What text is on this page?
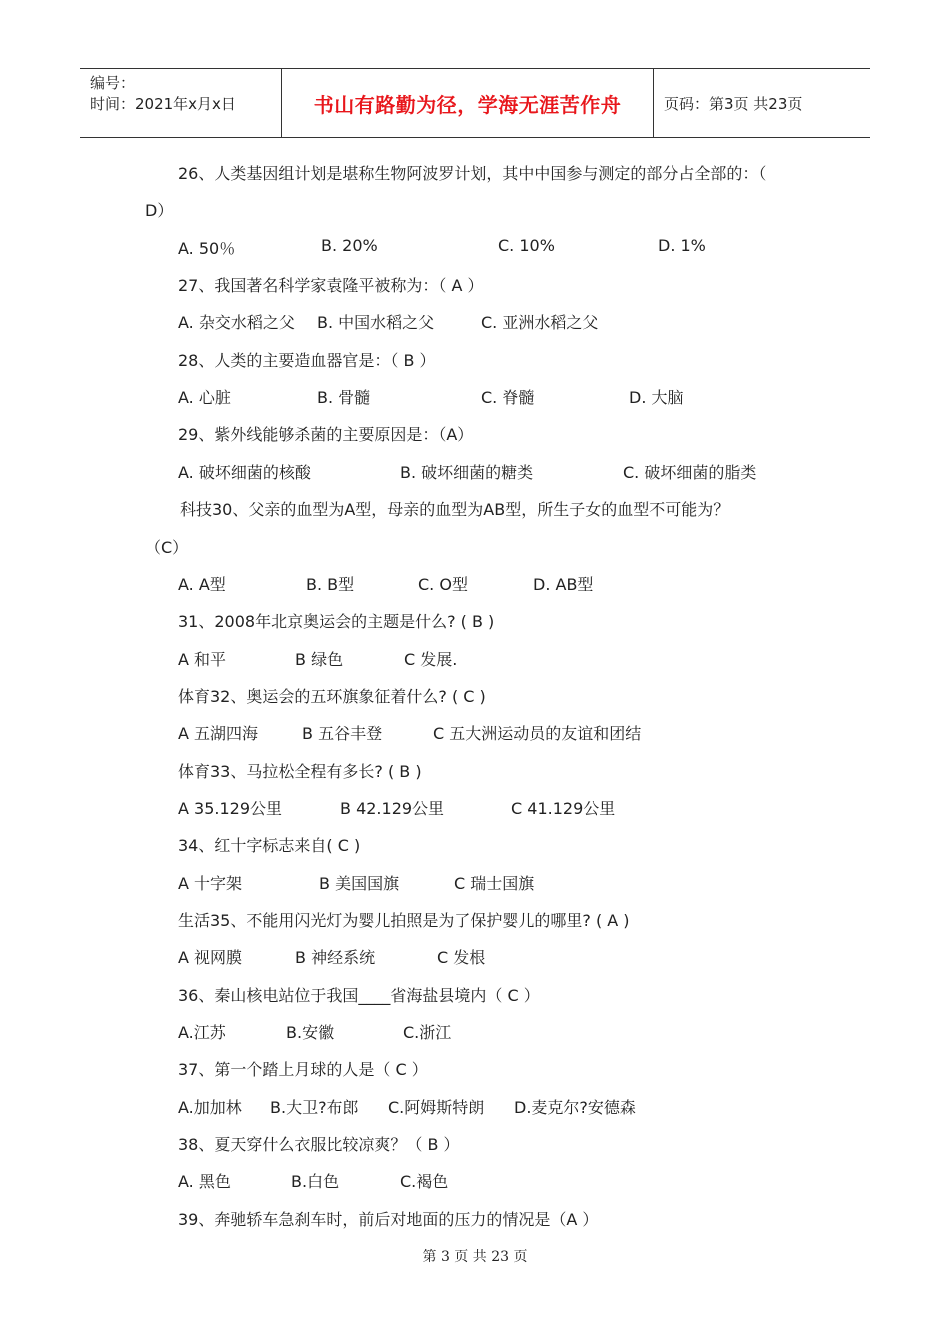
编号：
时间：2021年x月x日	书山有路勤为径，学海无涯苦作舟	页码：第3页 共23页
26、人类基因组计划是堪称生物阿波罗计划，其中中国参与测定的部分占全部的：（
D）
A. 50％	B. 20%	C. 10%	D. 1%
27、我国著名科学家袁隆平被称为：（ A ）
A. 杂交水稻之父 B. 中国水稻之父	C. 亚洲水稻之父
28、人类的主要造血器官是：（ B ）
A. 心脏	B. 骨髓	C. 脊髓	D. 大脑
29、紫外线能够杀菌的主要原因是：（A）
A. 破坏细菌的核酸	B. 破坏细菌的糖类	C. 破坏细菌的脂类
科技30、父亲的血型为A型，母亲的血型为AB型，所生子女的血型不可能为？
（C）
A. A型	B. B型	C. O型	D. AB型
31、2008年北京奥运会的主题是什么? ( B )
A 和平	B 绿色	C 发展.
体育32、奥运会的五环旗象征着什么? ( C )
A 五湖四海	B 五谷丰登	C 五大洲运动员的友谊和团结
体育33、马拉松全程有多长? ( B )
A 35.129公里	B 42.129公里	C 41.129公里
34、红十字标志来自( C )
A 十字架	B 美国国旗	C 瑞士国旗
生活35、不能用闪光灯为婴儿拍照是为了保护婴儿的哪里? ( A )
A 视网膜	B 神经系统	C 发根
36、秦山核电站位于我国____省海盐县境内（ C ）
A.江苏	B.安徽	C.浙江
37、第一个踏上月球的人是（ C ）
A.加加林 B.大卫?布郎 C.阿姆斯特朗 D.麦克尔?安德森
38、夏天穿什么衣服比较凉爽？（ B ）
A. 黑色	B.白色	C.褐色
39、奔驰轿车急刹车时，前后对地面的压力的情况是（A ）
第 3 页 共 23 页
